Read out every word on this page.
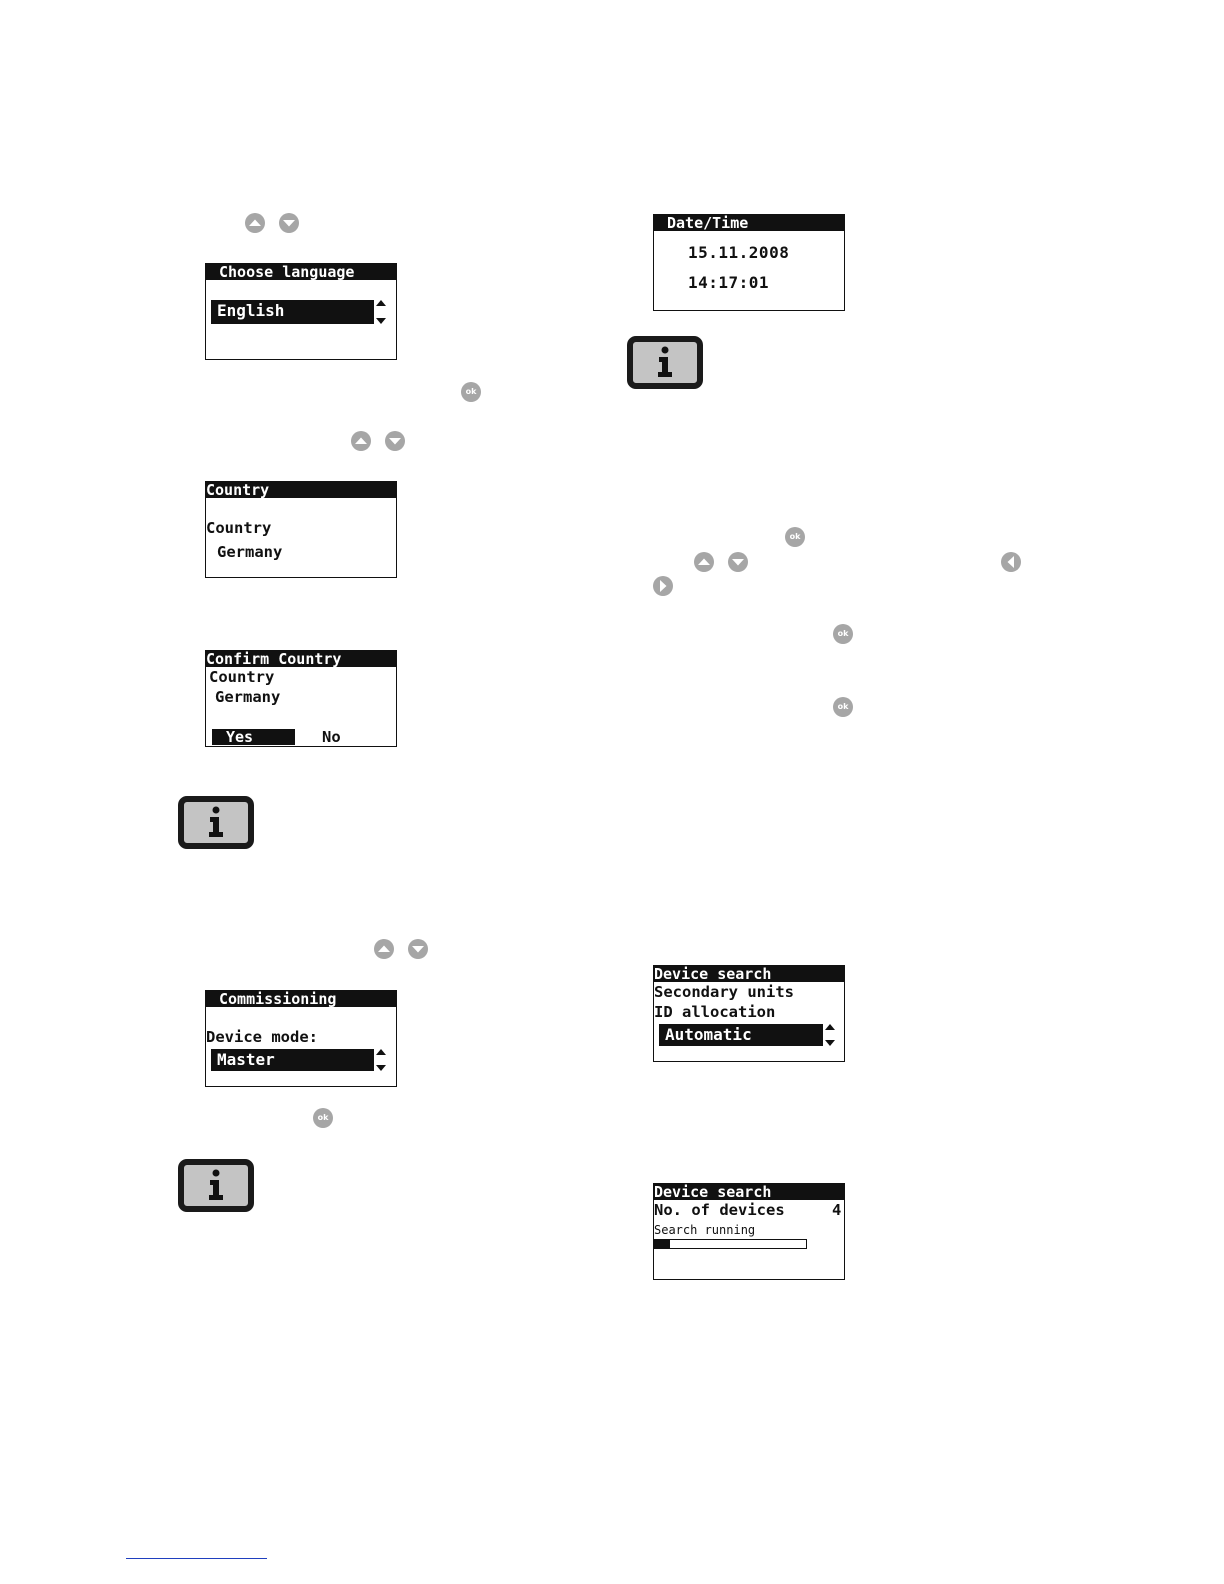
Choose language
English
ok
Country
Country
Germany
Confirm Country
Country
Germany
Yes	No
Commissioning
Device mode:
Master
ok
Date/Time
15.11.2008
14:17:01
ok
ok
ok
Device search
Secondary units
ID allocation
Automatic
Device search
No. of devices	4
Search running
